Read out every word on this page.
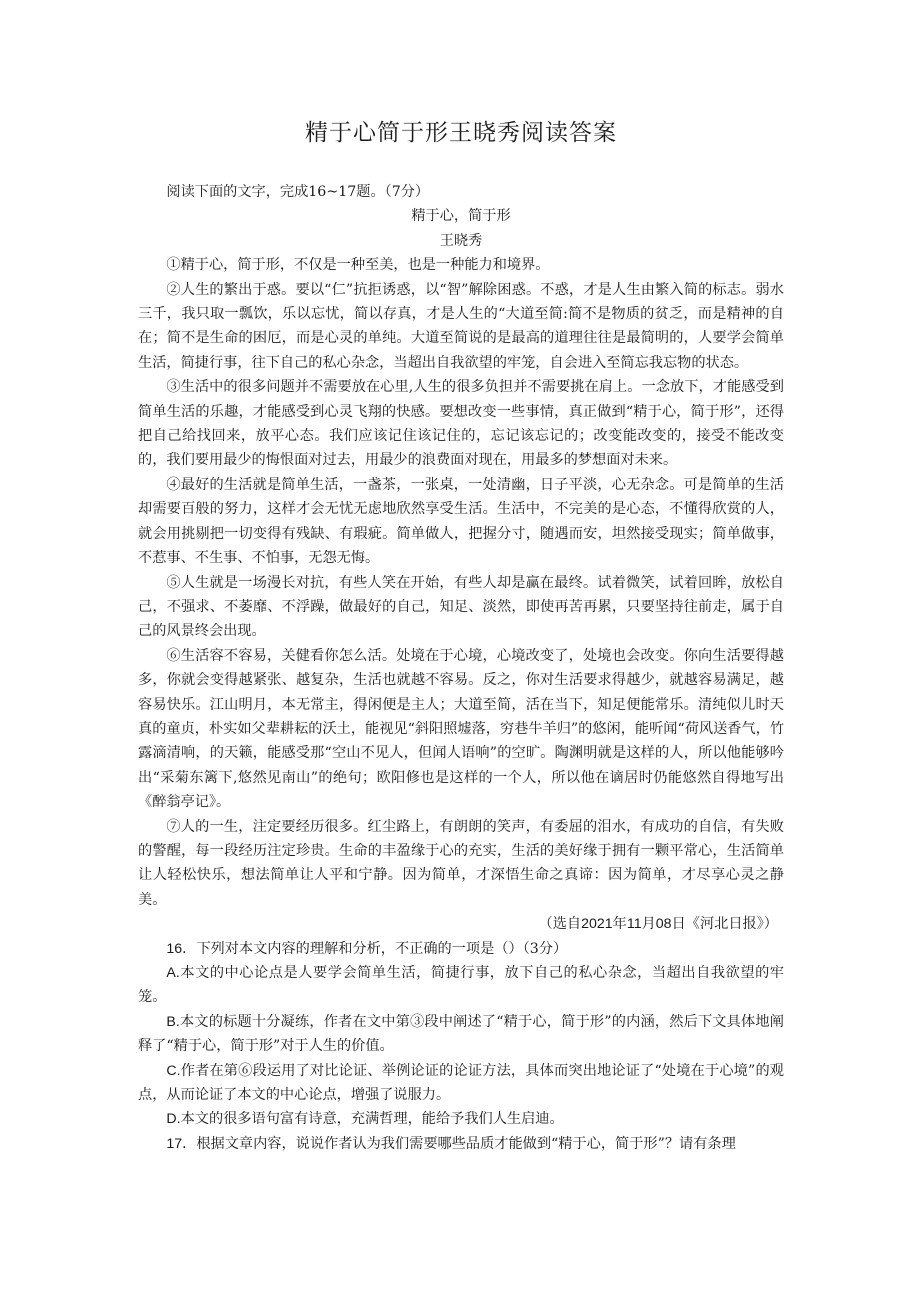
精于心简于形王晓秀阅读答案

阅读下面的文字，完成16~17题。（7分）

精于心，简于形

王晓秀

①精于心，简于形，不仅是一种至美，也是一种能力和境界。

②人生的繁出于惑。要以“仁”抗拒诱惑，以“智”解除困惑。不惑，才是人生由繁入简的标志。弱水三千，我只取一瓢饮，乐以忘忧，简以存真，才是人生的“大道至简:简不是物质的贫乏，而是精神的自在；简不是生命的困厄，而是心灵的单纯。大道至简说的是最高的道理往往是最简明的，人要学会简单生活，简捷行事，往下自己的私心杂念，当超出自我欲望的牢笼，自会进入至简忘我忘物的状态。

③生活中的很多问题并不需要放在心里,人生的很多负担并不需要挑在肩上。一念放下，才能感受到简单生活的乐趣，才能感受到心灵飞翔的快感。要想改变一些事情，真正做到“精于心，简于形”，还得把自己给找回来，放平心态。我们应该记住该记住的，忘记该忘记的；改变能改变的，接受不能改变的，我们要用最少的悔恨面对过去，用最少的浪费面对现在，用最多的梦想面对未来。

④最好的生活就是简单生活，一盏茶，一张桌，一处清幽，日子平淡，心无杂念。可是简单的生活却需要百般的努力，这样才会无忧无虑地欣然享受生活。生活中，不完美的是心态，不懂得欣赏的人，就会用挑剔把一切变得有残缺、有瑕疵。简单做人，把握分寸，随遇而安，坦然接受现实；简单做事，不惹事、不生事、不怕事，无怨无悔。

⑤人生就是一场漫长对抗，有些人笑在开始，有些人却是赢在最终。试着微笑，试着回眸，放松自己，不强求、不萎靡、不浮躁，做最好的自己，知足、淡然，即使再苦再累，只要坚持往前走，属于自己的风景终会出现。

⑥生活容不容易，关健看你怎么活。处境在于心境，心境改变了，处境也会改变。你向生活要得越多，你就会变得越紧张、越复杂，生活也就越不容易。反之，你对生活要求得越少，就越容易满足，越容易快乐。江山明月，本无常主，得闲便是主人；大道至简，活在当下，知足便能常乐。清纯似儿时天真的童贞，朴实如父辈耕耘的沃土，能视见“斜阳照墟落，穷巷牛羊归”的悠闲，能听闻“荷风送香气，竹露滴清响，的天籁，能感受那“空山不见人，但闻人语响”的空旷。陶渊明就是这样的人，所以他能够吟出“采菊东篱下,悠然见南山”的绝句；欧阳修也是这样的一个人，所以他在谪居时仍能悠然自得地写出《醉翁亭记》。

⑦人的一生，注定要经历很多。红尘路上，有朗朗的笑声，有委屈的泪水，有成功的自信，有失败的警醒，每一段经历注定珍贵。生命的丰盈缘于心的充实，生活的美好缘于拥有一颗平常心，生活简单让人轻松快乐，想法简单让人平和宁静。因为简单，才深悟生命之真谛：因为简单，才尽享心灵之静美。

（选自2021年11月08日《河北日报》）

16．下列对本文内容的理解和分析，不正确的一项是（）（3分）

A.本文的中心论点是人要学会简单生活，简捷行事，放下自己的私心杂念，当超出自我欲望的牢笼。

B.本文的标题十分凝练，作者在文中第③段中阐述了“精于心，简于形”的内涵，然后下文具体地阐释了“精于心，简于形”对于人生的价值。

C.作者在第⑥段运用了对比论证、举例论证的论证方法，具体而突出地论证了“处境在于心境”的观点，从而论证了本文的中心论点，增强了说服力。

D.本文的很多语句富有诗意，充满哲理，能给予我们人生启迪。

17．根据文章内容，说说作者认为我们需要哪些品质才能做到“精于心，简于形”？请有条理
